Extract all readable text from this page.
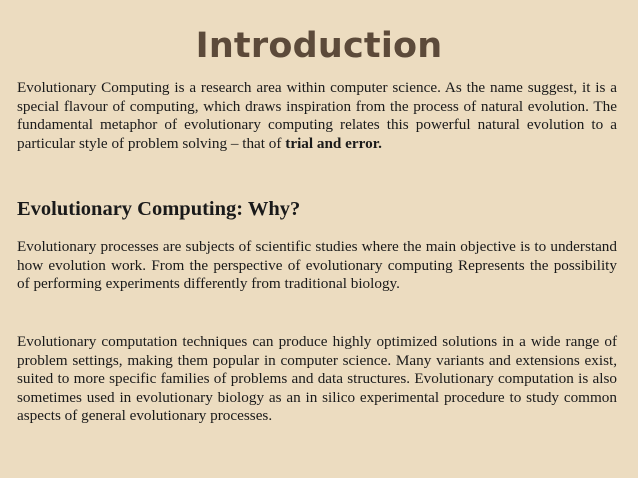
Introduction

Evolutionary Computing is a research area within computer science. As the name suggest, it is a special flavour of computing, which draws inspiration from the process of natural evolution. The fundamental metaphor of evolutionary computing relates this powerful natural evolution to a particular style of problem solving – that of trial and error.

Evolutionary Computing: Why?

Evolutionary processes are subjects of scientific studies where the main objective is to understand how evolution work. From the perspective of evolutionary computing Represents the possibility of performing experiments differently from traditional biology.

Evolutionary computation techniques can produce highly optimized solutions in a wide range of problem settings, making them popular in computer science. Many variants and extensions exist, suited to more specific families of problems and data structures. Evolutionary computation is also sometimes used in evolutionary biology as an in silico experimental procedure to study common aspects of general evolutionary processes.
